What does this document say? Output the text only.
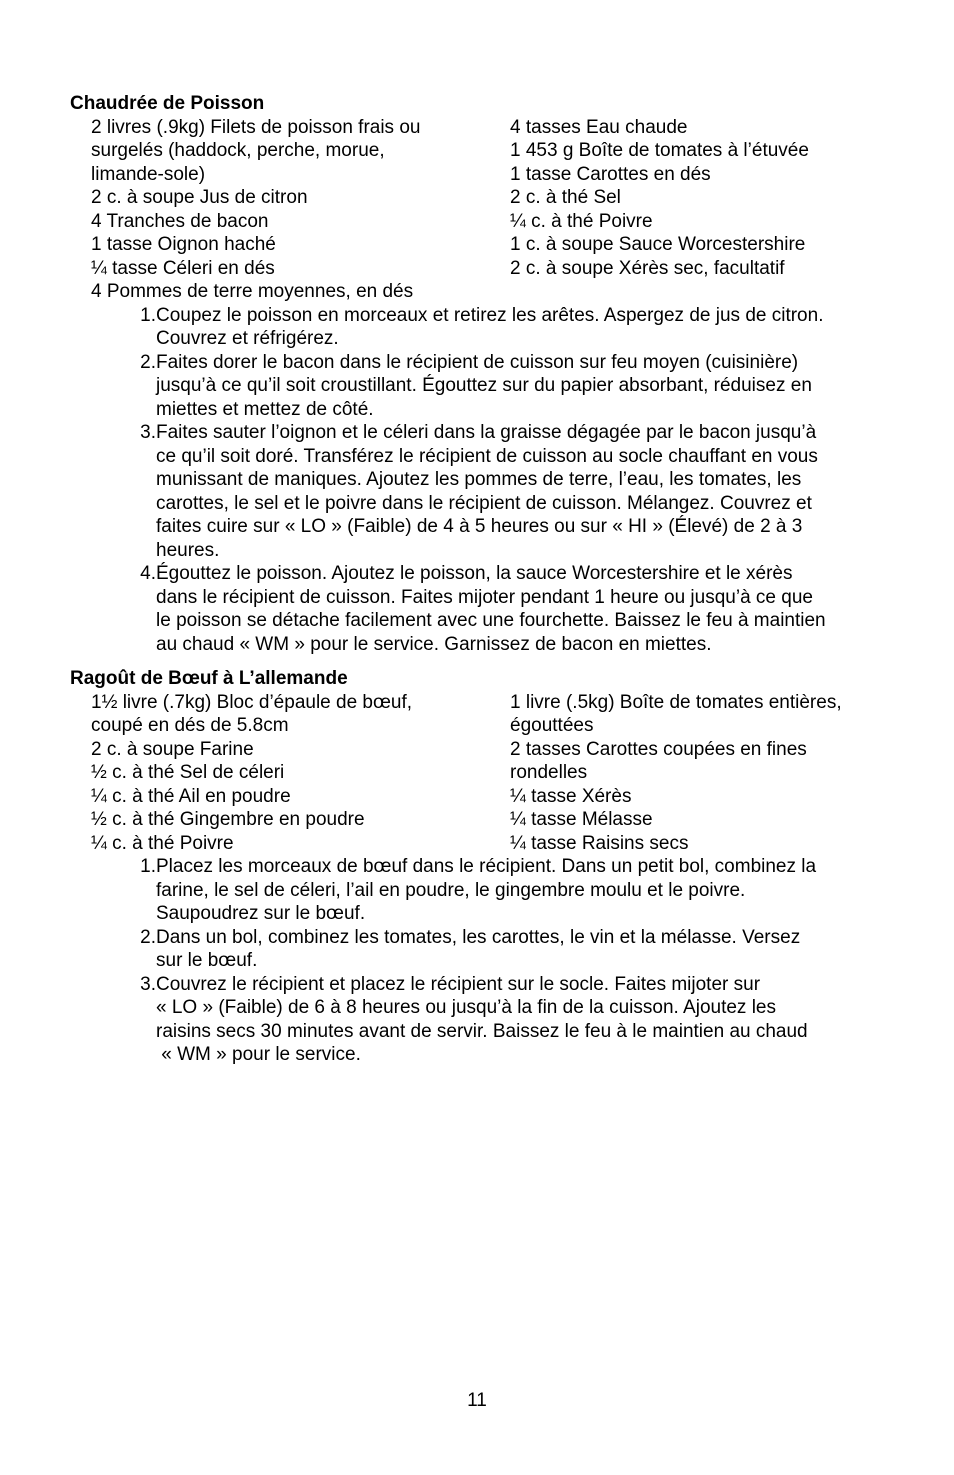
Chaudrée de Poisson
2 livres (.9kg) Filets de poisson frais ou
surgelés (haddock, perche, morue,
limande-sole)
2 c. à soupe Jus de citron
4 Tranches de bacon
1 tasse Oignon haché
¼ tasse Céleri en dés
4 tasses Eau chaude
1 453 g Boîte de tomates à l’étuvée
1 tasse Carottes en dés
2 c. à thé Sel
¼ c. à thé Poivre
1 c. à soupe Sauce Worcestershire
2 c. à soupe Xérès sec, facultatif
4 Pommes de terre moyennes, en dés
1. Coupez le poisson en morceaux et retirez les arêtes. Aspergez de jus de citron.
Couvrez et réfrigérez.
2. Faites dorer le bacon dans le récipient de cuisson sur feu moyen (cuisinière)
jusqu’à ce qu’il soit croustillant. Égouttez sur du papier absorbant, réduisez en
miettes et mettez de côté.
3. Faites sauter l’oignon et le céleri dans la graisse dégagée par le bacon jusqu’à
ce qu’il soit doré. Transférez le récipient de cuisson au socle chauffant en vous
munissant de maniques. Ajoutez les pommes de terre, l’eau, les tomates, les
carottes, le sel et le poivre dans le récipient de cuisson. Mélangez. Couvrez et
faites cuire sur « LO » (Faible) de 4 à 5 heures ou sur « HI » (Élevé) de 2 à 3
heures.
4. Égouttez le poisson. Ajoutez le poisson, la sauce Worcestershire et le xérès
dans le récipient de cuisson. Faites mijoter pendant 1 heure ou jusqu’à ce que
le poisson se détache facilement avec une fourchette. Baissez le feu à maintien
au chaud « WM » pour le service. Garnissez de bacon en miettes.
Ragoût de Bœuf à L’allemande
1½ livre (.7kg) Bloc d’épaule de bœuf,
coupé en dés de 5.8cm
2 c. à soupe Farine
½ c. à thé Sel de céleri
¼ c. à thé Ail en poudre
½ c. à thé Gingembre en poudre
¼ c. à thé Poivre
1 livre (.5kg) Boîte de tomates entières,
égouttées
2 tasses Carottes coupées en fines
rondelles
¼ tasse Xérès
¼ tasse Mélasse
¼ tasse Raisins secs
1. Placez les morceaux de bœuf dans le récipient. Dans un petit bol, combinez la
farine, le sel de céleri, l’ail en poudre, le gingembre moulu et le poivre.
Saupoudrez sur le bœuf.
2. Dans un bol, combinez les tomates, les carottes, le vin et la mélasse. Versez
sur le bœuf.
3. Couvrez le récipient et placez le récipient sur le socle. Faites mijoter sur
« LO » (Faible) de 6 à 8 heures ou jusqu’à la fin de la cuisson. Ajoutez les
raisins secs 30 minutes avant de servir. Baissez le feu à le maintien au chaud
« WM » pour le service.
11
